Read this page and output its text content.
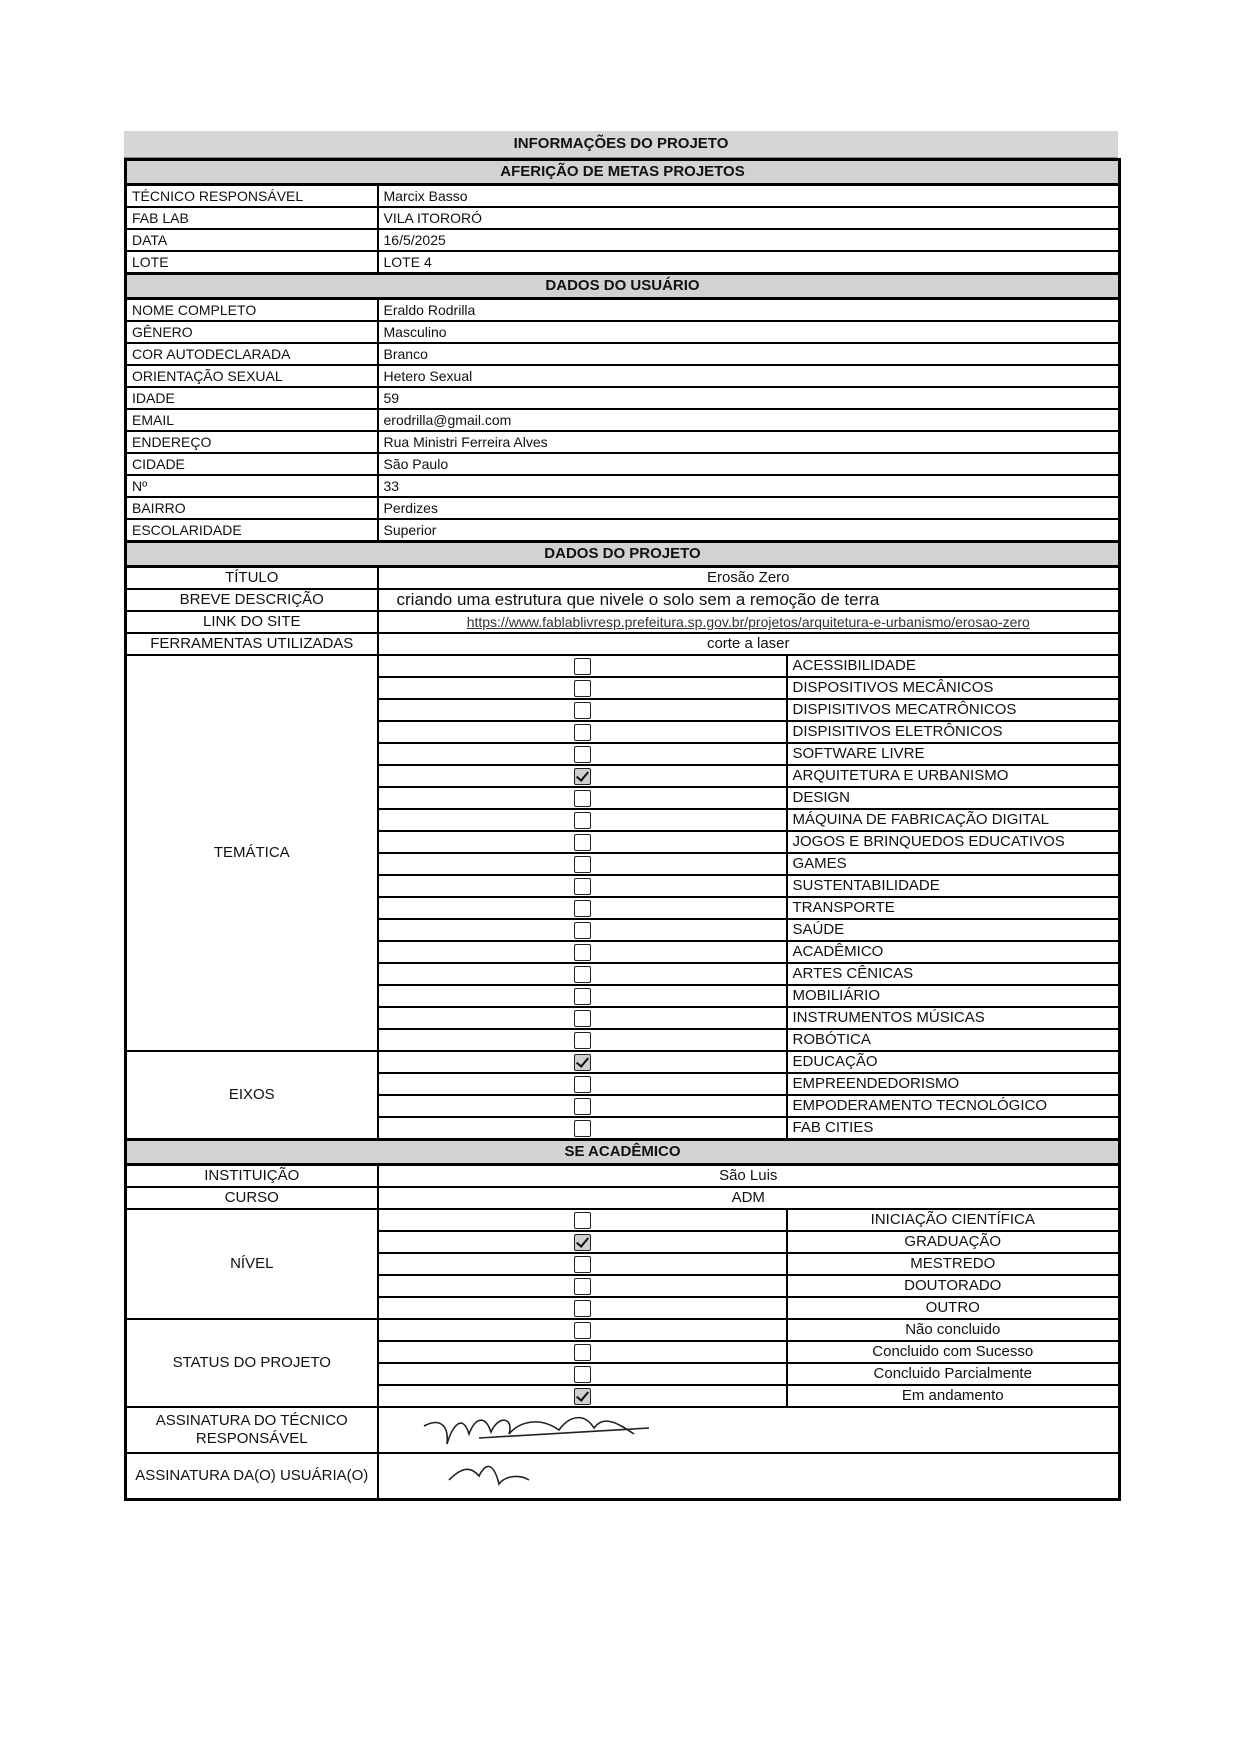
INFORMAÇÕES DO PROJETO
AFERIÇÃO DE METAS PROJETOS		
TÉCNICO RESPONSÁVEL	Marcix Basso	
FAB LAB	VILA ITORORÓ	
DATA	16/5/2025	
LOTE	LOTE 4	
DADOS DO USUÁRIO		
NOME COMPLETO	Eraldo Rodrilla	
GÊNERO	Masculino	
COR AUTODECLARADA	Branco	
ORIENTAÇÃO SEXUAL	Hetero Sexual	
IDADE	59	
EMAIL	erodrilla@gmail.com	
ENDEREÇO	Rua Ministri Ferreira Alves	
CIDADE	São Paulo	
Nº	33	
BAIRRO	Perdizes	
ESCOLARIDADE	Superior	
DADOS DO PROJETO		
TÍTULO	Erosão Zero	
BREVE DESCRIÇÃO	criando uma estrutura que nivele o solo sem a remoção de terra	
LINK DO SITE	https://www.fablablivresp.prefeitura.sp.gov.br/projetos/arquitetura-e-urbanismo/erosao-zero	
FERRAMENTAS UTILIZADAS	corte a laser	
TEMÁTICA		ACESSIBILIDADE
		DISPOSITIVOS MECÂNICOS
		DISPISITIVOS MECATRÔNICOS
		DISPISITIVOS ELETRÔNICOS
		SOFTWARE LIVRE
		ARQUITETURA E URBANISMO
		DESIGN
		MÁQUINA DE FABRICAÇÃO DIGITAL
		JOGOS E BRINQUEDOS EDUCATIVOS
		GAMES
		SUSTENTABILIDADE
		TRANSPORTE
		SAÚDE
		ACADÊMICO
		ARTES CÊNICAS
		MOBILIÁRIO
		INSTRUMENTOS MÚSICAS
		ROBÓTICA
EIXOS		EDUCAÇÃO
		EMPREENDEDORISMO
		EMPODERAMENTO TECNOLÓGICO
		FAB CITIES
SE ACADÊMICO		
INSTITUIÇÃO	São Luis	
CURSO	ADM	
NÍVEL		INICIAÇÃO CIENTÍFICA
		GRADUAÇÃO
		MESTREDO
		DOUTORADO
		OUTRO
STATUS DO PROJETO		Não concluido
		Concluido com Sucesso
		Concluido Parcialmente
		Em andamento
ASSINATURA DO TÉCNICO RESPONSÁVEL	

ASSINATURA DA(O) USUÁRIA(O)	
